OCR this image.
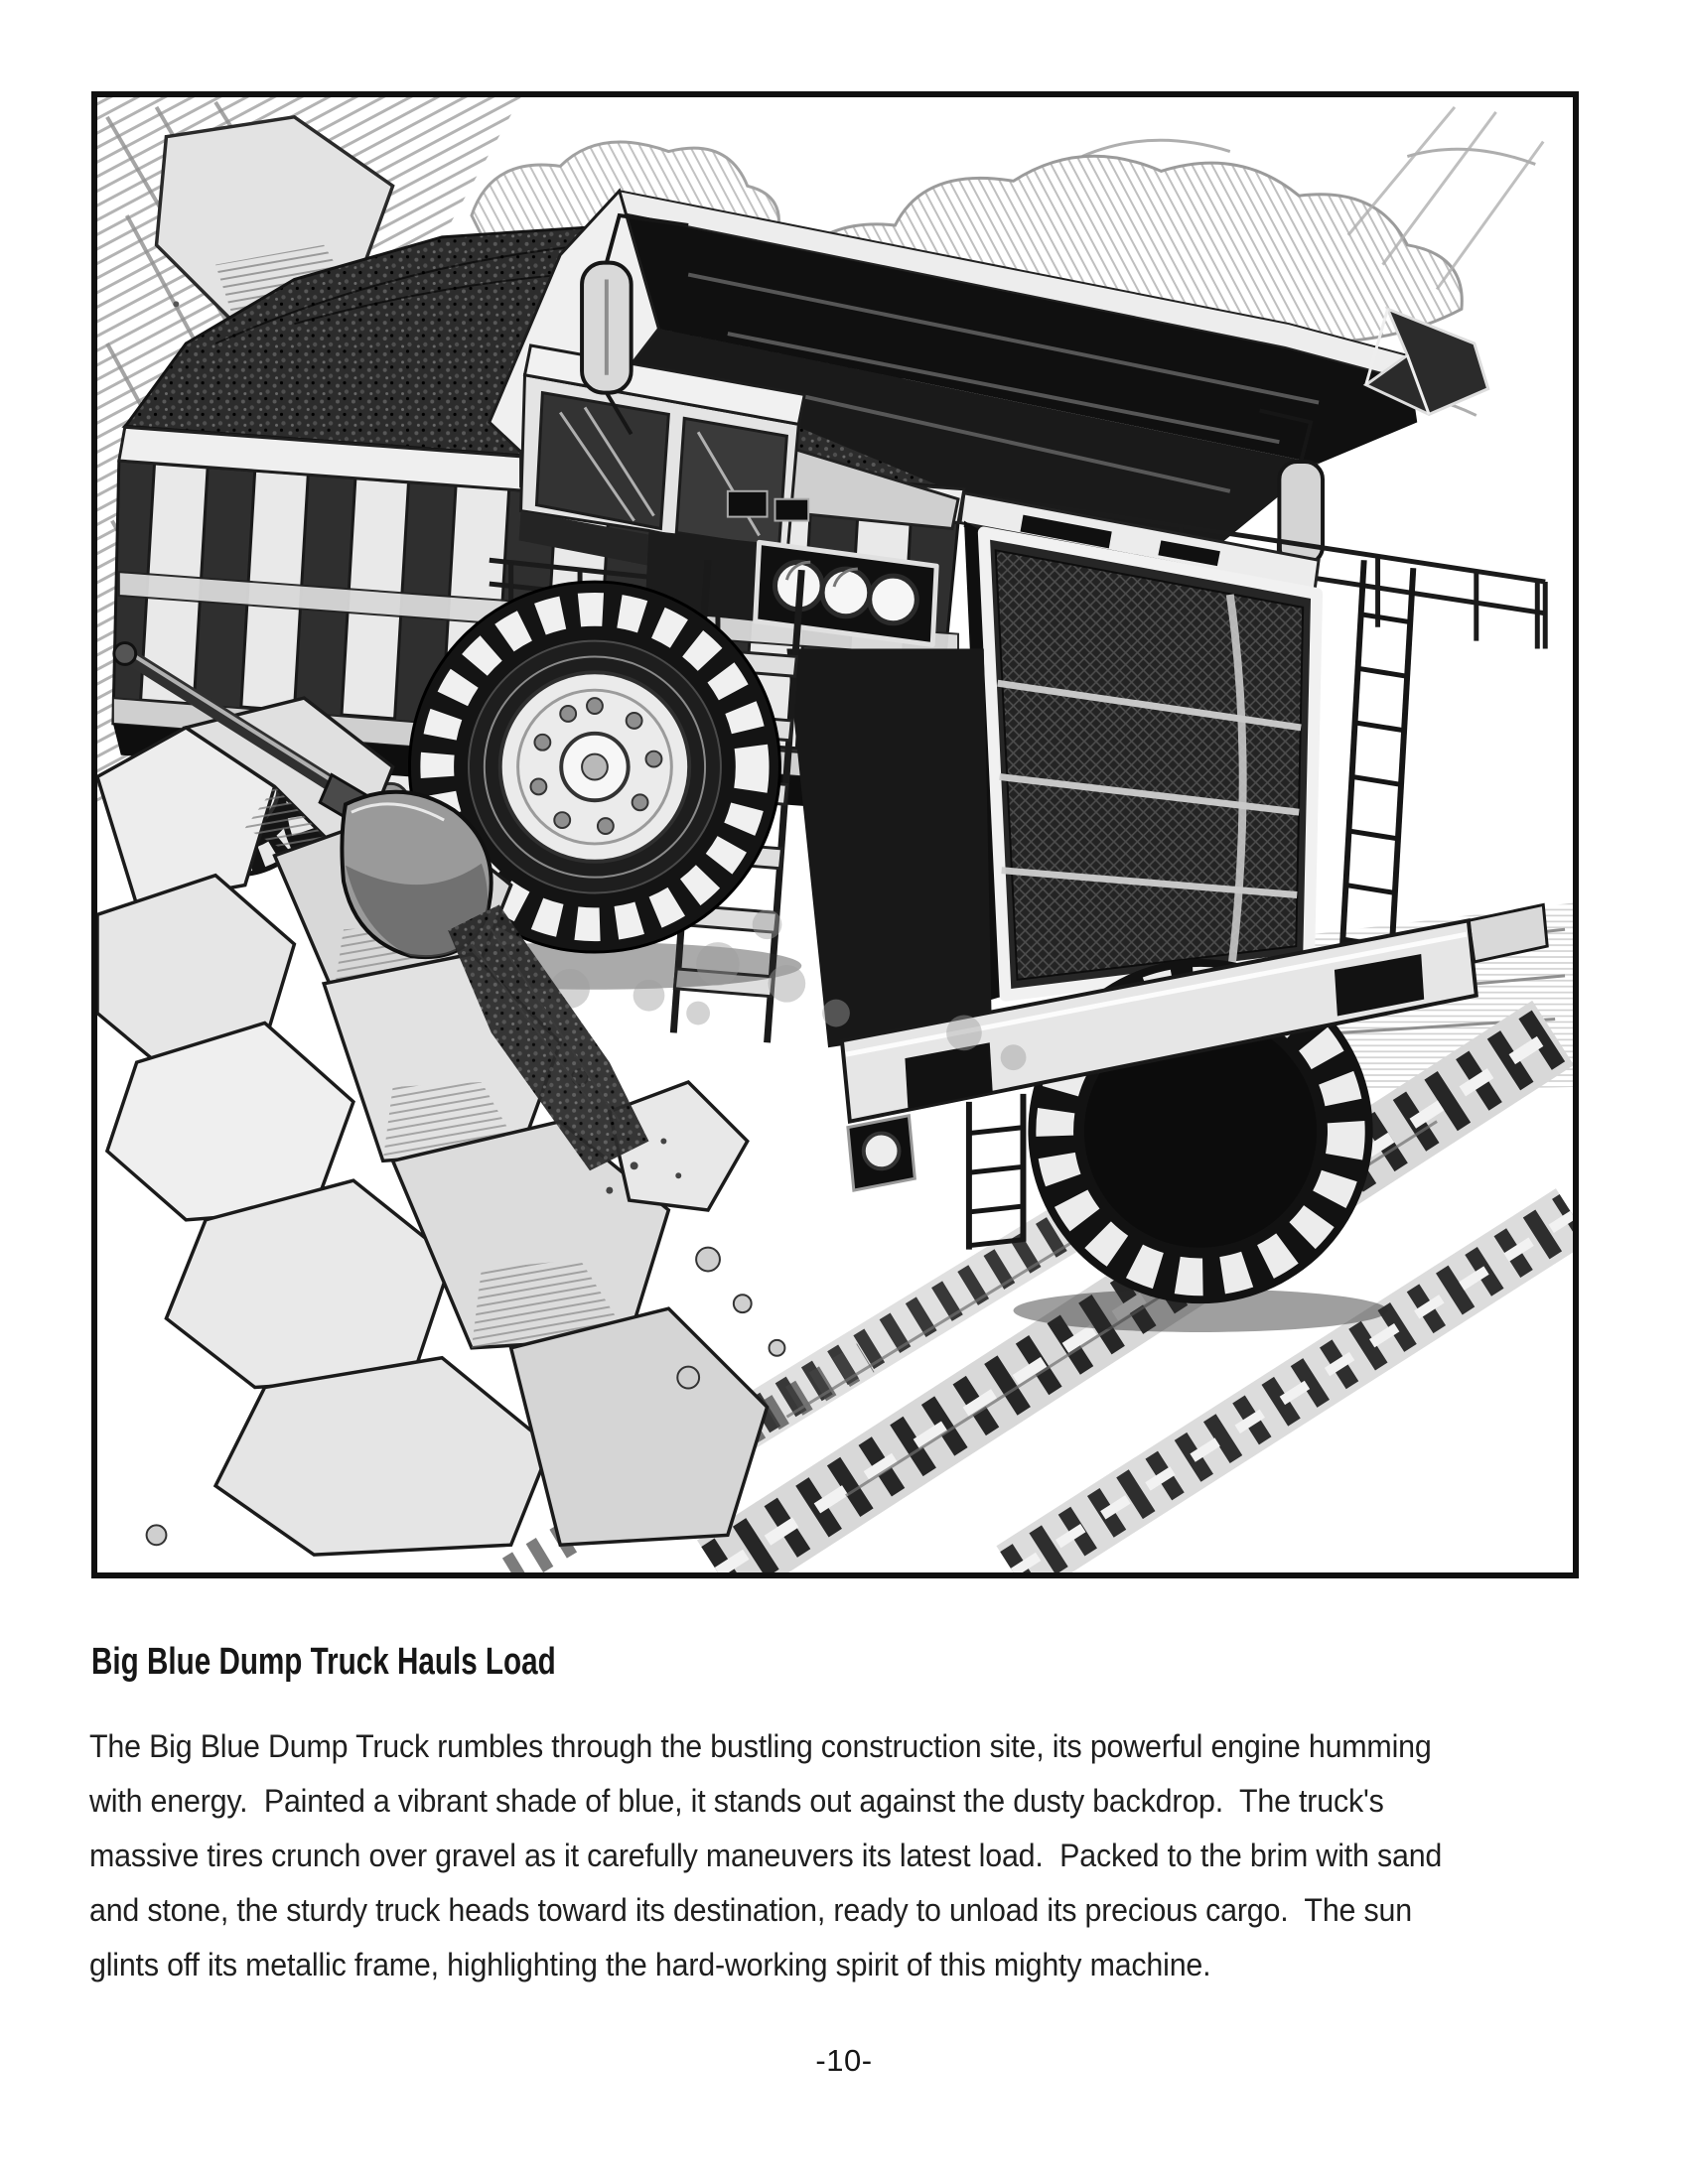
Big Blue Dump Truck Hauls Load
The Big Blue Dump Truck rumbles through the bustling construction site, its powerful engine humming
with energy.  Painted a vibrant shade of blue, it stands out against the dusty backdrop.  The truck's
massive tires crunch over gravel as it carefully maneuvers its latest load.  Packed to the brim with sand
and stone, the sturdy truck heads toward its destination, ready to unload its precious cargo.  The sun
glints off its metallic frame, highlighting the hard-working spirit of this mighty machine.
-10-
